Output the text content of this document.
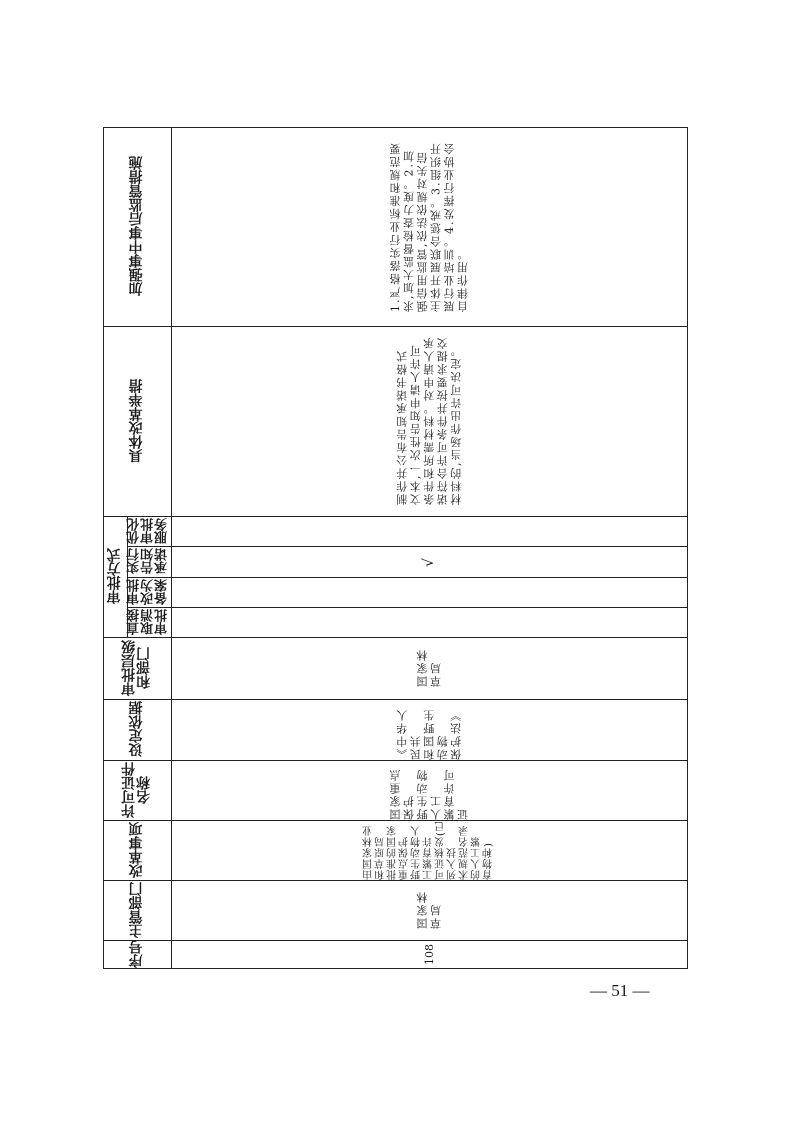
加强事中事后监管措施
具体改革举措
审批方式
优化
审批
服务
实行
告知
承诺
审批
改为
备案
直接
取消
审批
审批层级
和部门
设定依据
许可证件
名称
改革事项
主管部门
序号
1.严格落实行业标准和规范要
求,加大监督检查力度。2.加
强信用监管,依法依规对失信
主体开展联合惩戒。3.组织开
展行业培训。4.发挥行业协会
自律作用。
制作并公布告知承诺书格式
文本,一次性告知申请人许可
条件和所需材料。对申请人承
诺符合许可条件并按要求提交
材料的,当场作出许可决定。
√
国家林
草局
《中华人民共
和国野生动物
保护法》
国家重点保护
野生动物人工
繁育许可证
由国家林业和草原局
批准的国家重点保护
野生动物人工繁育许
可证核发(已列入技
术规范名录的人工繁
育物种)
国家林
草局
108
— 51 —
